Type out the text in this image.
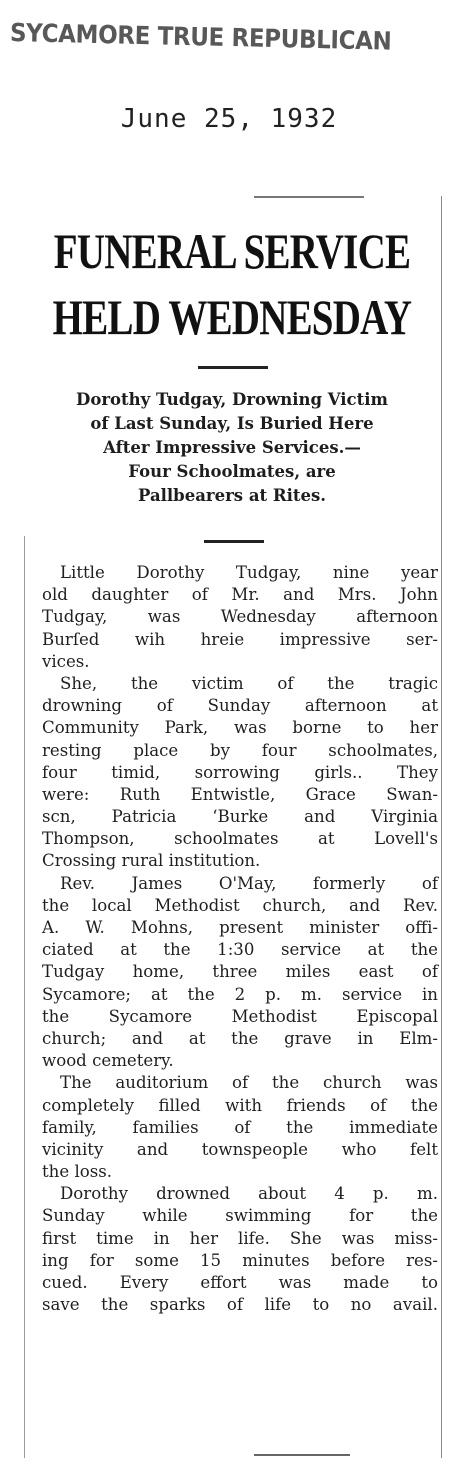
SYCAMORE TRUE REPUBLICAN
June 25, 1932
FUNERAL SERVICE
HELD WEDNESDAY
Dorothy Tudgay, Drowning Victim
of Last Sunday, Is Buried Here
After Impressive Services.—
Four Schoolmates, are
Pallbearers at Rites.
Little Dorothy Tudgay, nine year
old daughter of Mr. and Mrs. John
Tudgay, was Wednesday afternoon
Burſed wih hreie impressive ser-
vices.
She, the victim of the tragic
drowning of Sunday afternoon at
Community Park, was borne to her
resting place by four schoolmates,
four timid, sorrowing girls.. They
were: Ruth Entwistle, Grace Swan-
scn, Patricia ‘Burke and Virginia
Thompson, schoolmates at Lovell's
Crossing rural institution.
Rev. James O'May, formerly of
the local Methodist church, and Rev.
A. W. Mohns, present minister offi-
ciated at the 1:30 service at the
Tudgay home, three miles east of
Sycamore; at the 2 p. m. service in
the Sycamore Methodist Episcopal
church; and at the grave in Elm-
wood cemetery.
The auditorium of the church was
completely filled with friends of the
family, families of the immediate
vicinity and townspeople who felt
the loss.
Dorothy drowned about 4 p. m.
Sunday while swimming for the
first time in her life. She was miss-
ing for some 15 minutes before res-
cued. Every effort was made to
save the sparks of life to no avail.
